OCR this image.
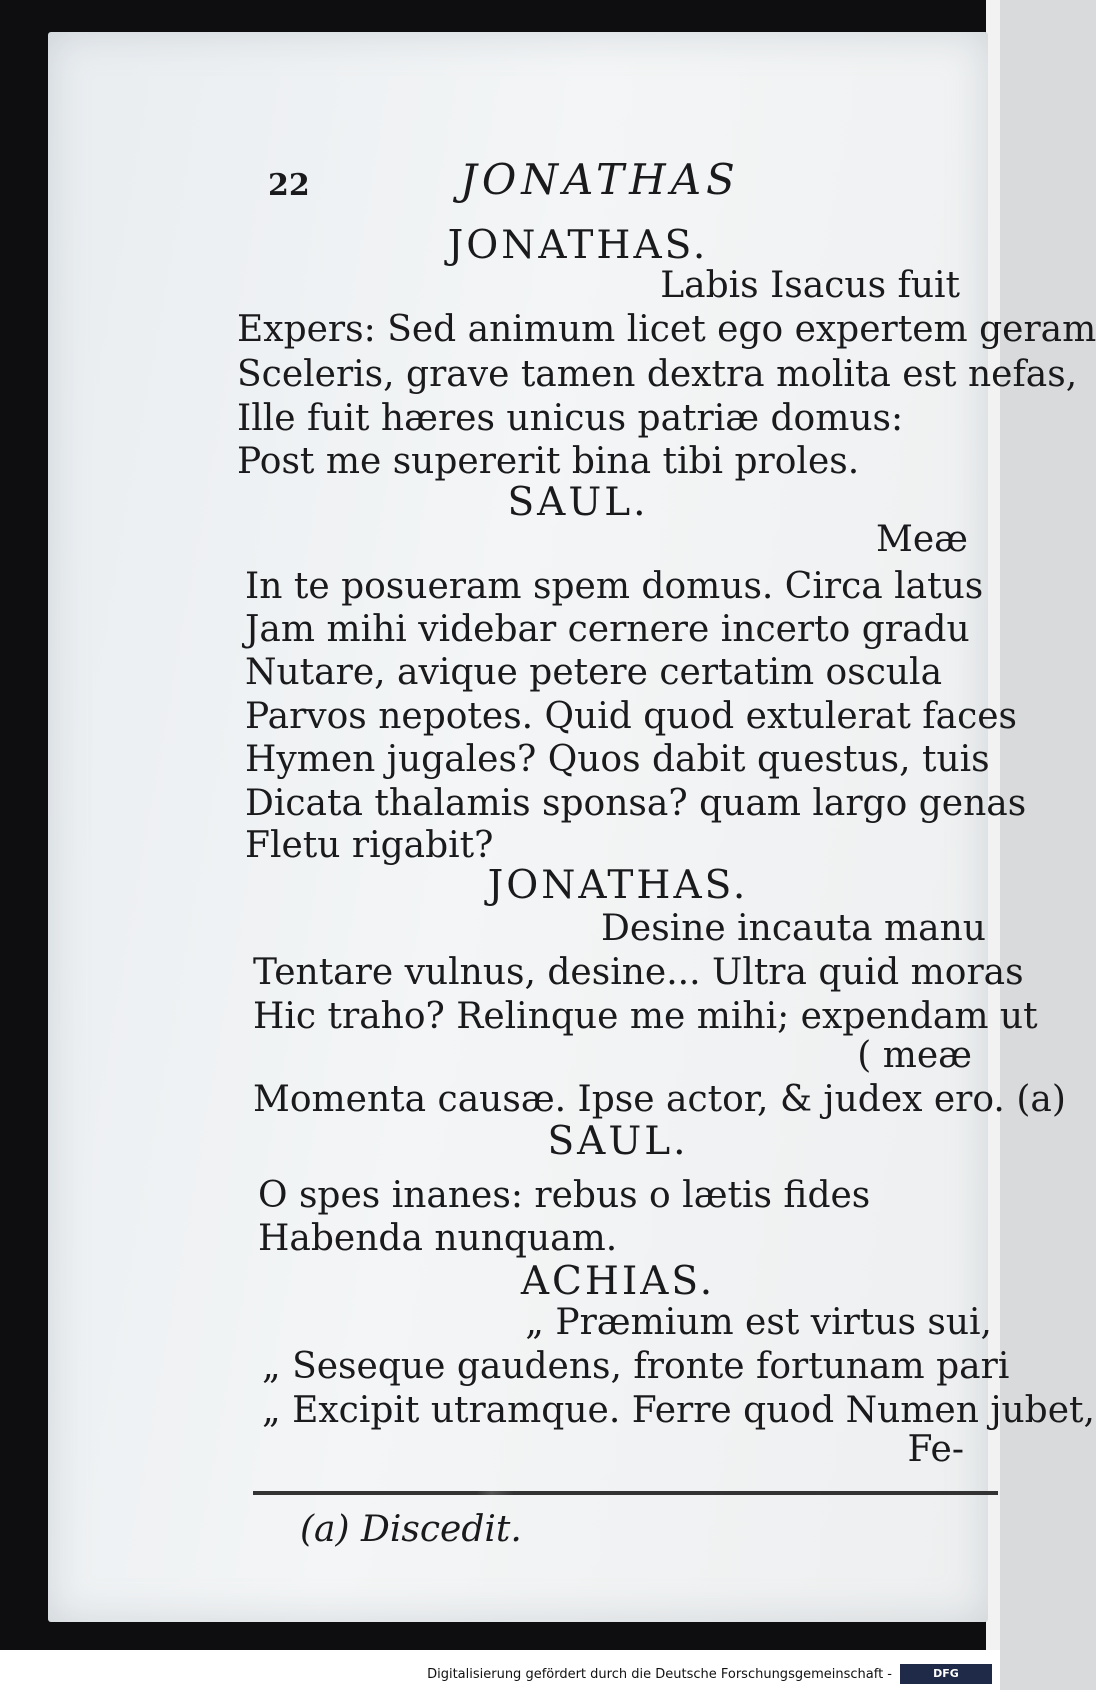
22	JONATHAS
JONATHAS.
Labis Isacus fuit
Expers: Sed animum licet ego expertem geram
Sceleris, grave tamen dextra molita est nefas,
Ille fuit hæres unicus patriæ domus:
Post me supererit bina tibi proles.
SAUL.
Meæ
In te posueram spem domus. Circa latus
Jam mihi videbar cernere incerto gradu
Nutare, avique petere certatim oscula
Parvos nepotes. Quid quod extulerat faces
Hymen jugales? Quos dabit questus, tuis
Dicata thalamis sponsa? quam largo genas
Fletu rigabit?
JONATHAS.
Desine incauta manu
Tentare vulnus, desine... Ultra quid moras
Hic traho? Relinque me mihi; expendam ut
( meæ
Momenta causæ. Ipse actor, & judex ero. (a)
SAUL.
O spes inanes: rebus o lætis fides
Habenda nunquam.
ACHIAS.
„ Præmium est virtus sui,
„ Seseque gaudens, fronte fortunam pari
„ Excipit utramque. Ferre quod Numen jubet,
Fe-
(a) Discedit.
Digitalisierung gefördert durch die Deutsche Forschungsgemeinschaft -	DFG
